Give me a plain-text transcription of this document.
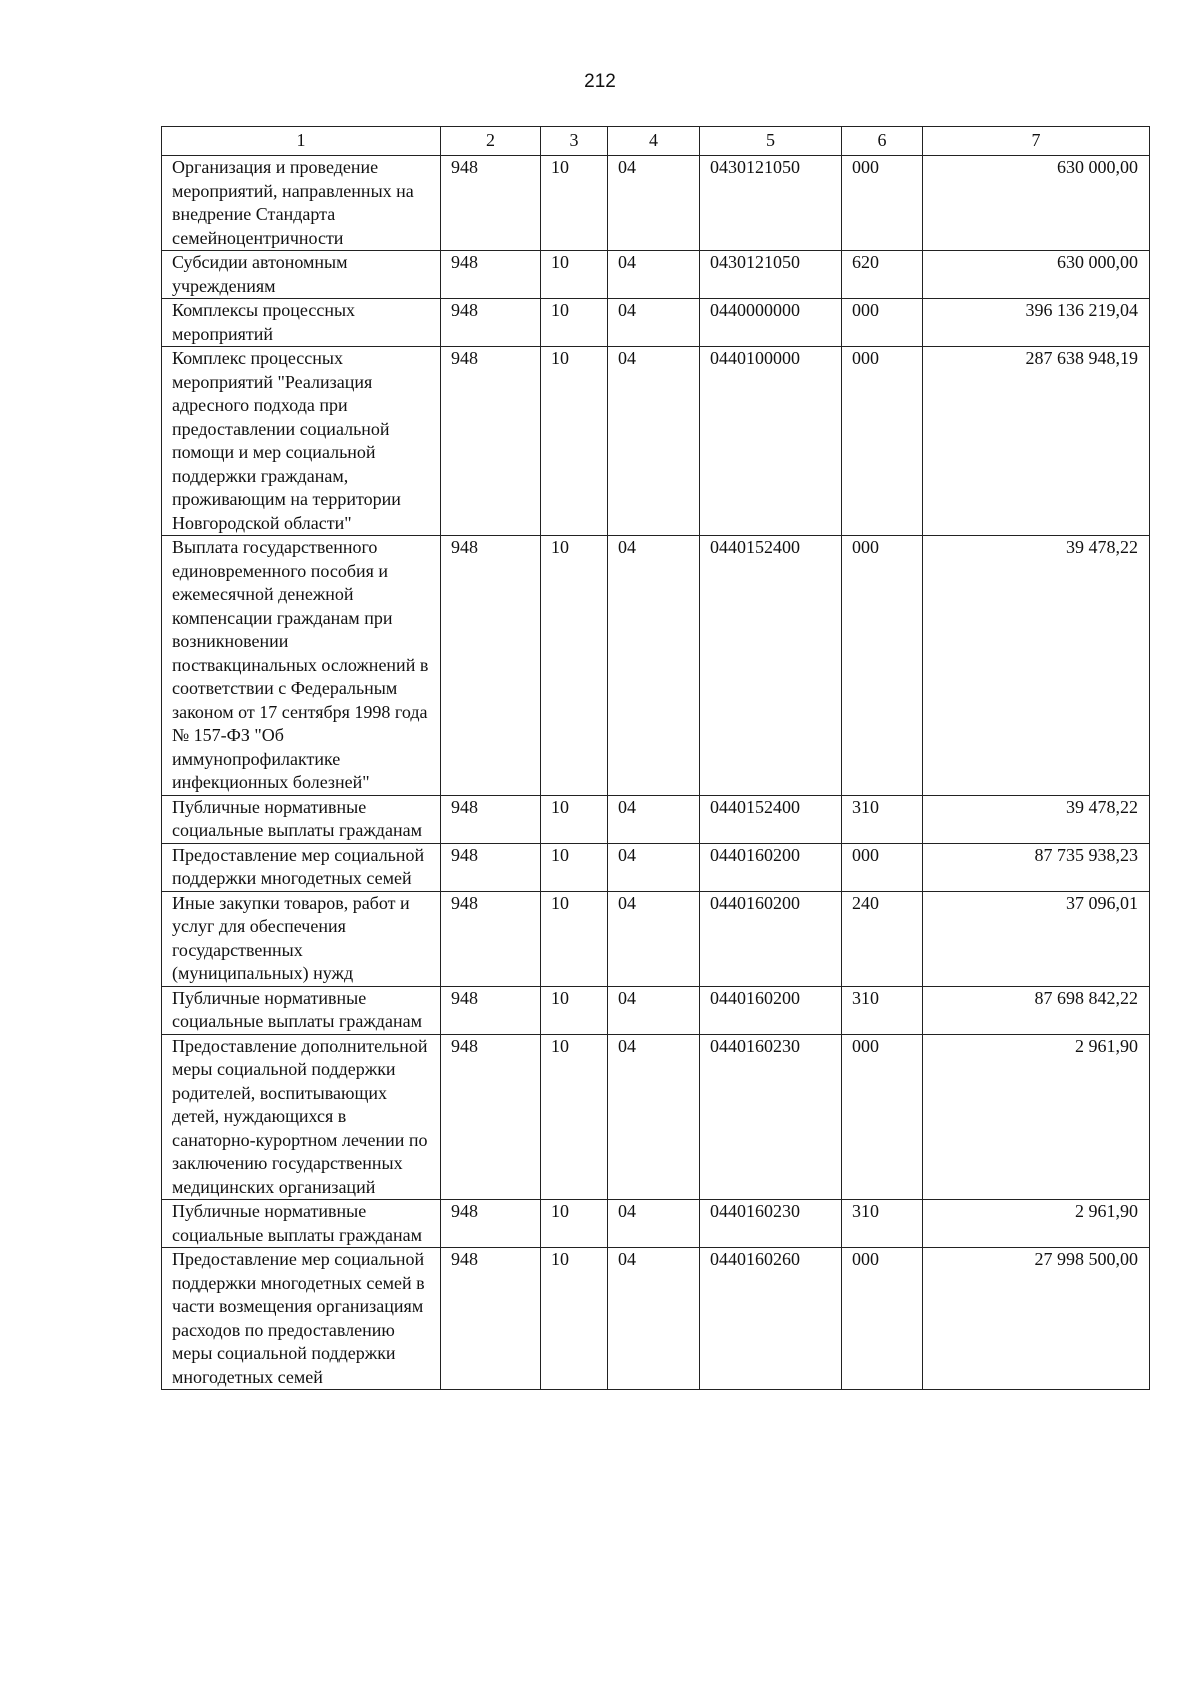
212
1	2	3	4	5	6	7
Организация и проведение мероприятий, направленных на внедрение Стандарта семейноцентричности	948	10	04	0430121050	000	630 000,00
Субсидии автономным учреждениям	948	10	04	0430121050	620	630 000,00
Комплексы процессных мероприятий	948	10	04	0440000000	000	396 136 219,04
Комплекс процессных мероприятий "Реализация адресного подхода при предоставлении социальной помощи и мер социальной поддержки гражданам, проживающим на территории Новгородской области"	948	10	04	0440100000	000	287 638 948,19
Выплата государственного единовременного пособия и ежемесячной денежной компенсации гражданам при возникновении поствакцинальных осложнений в соответствии с Федеральным законом от 17 сентября 1998 года № 157-ФЗ "Об иммунопрофилактике инфекционных болезней"	948	10	04	0440152400	000	39 478,22
Публичные нормативные социальные выплаты гражданам	948	10	04	0440152400	310	39 478,22
Предоставление мер социальной поддержки многодетных семей	948	10	04	0440160200	000	87 735 938,23
Иные закупки товаров, работ и услуг для обеспечения государственных (муниципальных) нужд	948	10	04	0440160200	240	37 096,01
Публичные нормативные социальные выплаты гражданам	948	10	04	0440160200	310	87 698 842,22
Предоставление дополнительной меры социальной поддержки родителей, воспитывающих детей, нуждающихся в санаторно-курортном лечении по заключению государственных медицинских организаций	948	10	04	0440160230	000	2 961,90
Публичные нормативные социальные выплаты гражданам	948	10	04	0440160230	310	2 961,90
Предоставление мер социальной поддержки многодетных семей в части возмещения организациям расходов по предоставлению меры социальной поддержки многодетных семей	948	10	04	0440160260	000	27 998 500,00
